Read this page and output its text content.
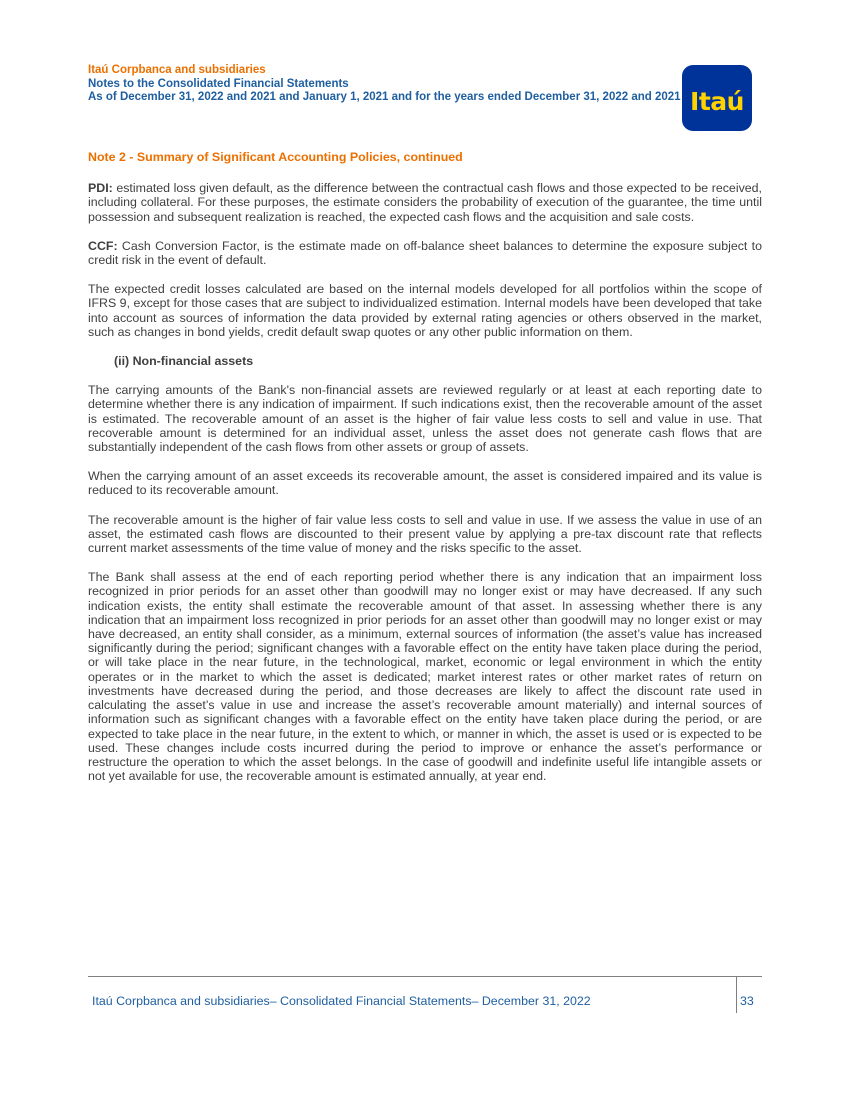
Itaú Corpbanca and subsidiaries
Notes to the Consolidated Financial Statements
As of December 31, 2022 and 2021 and January 1, 2021 and for the years ended December 31, 2022 and 2021 Itaú
Note 2 - Summary of Significant Accounting Policies, continued

PDI: estimated loss given default, as the difference between the contractual cash flows and those expected to be received, including collateral. For these purposes, the estimate considers the probability of execution of the guarantee, the time until possession and subsequent realization is reached, the expected cash flows and the acquisition and sale costs.

CCF: Cash Conversion Factor, is the estimate made on off-balance sheet balances to determine the exposure subject to credit risk in the event of default.

The expected credit losses calculated are based on the internal models developed for all portfolios within the scope of IFRS 9, except for those cases that are subject to individualized estimation. Internal models have been developed that take into account as sources of information the data provided by external rating agencies or others observed in the market, such as changes in bond yields, credit default swap quotes or any other public information on them.

(ii) Non-financial assets

The carrying amounts of the Bank's non-financial assets are reviewed regularly or at least at each reporting date to determine whether there is any indication of impairment. If such indications exist, then the recoverable amount of the asset is estimated. The recoverable amount of an asset is the higher of fair value less costs to sell and value in use. That recoverable amount is determined for an individual asset, unless the asset does not generate cash flows that are substantially independent of the cash flows from other assets or group of assets.

When the carrying amount of an asset exceeds its recoverable amount, the asset is considered impaired and its value is reduced to its recoverable amount.

The recoverable amount is the higher of fair value less costs to sell and value in use. If we assess the value in use of an asset, the estimated cash flows are discounted to their present value by applying a pre-tax discount rate that reflects current market assessments of the time value of money and the risks specific to the asset.

The Bank shall assess at the end of each reporting period whether there is any indication that an impairment loss recognized in prior periods for an asset other than goodwill may no longer exist or may have decreased. If any such indication exists, the entity shall estimate the recoverable amount of that asset. In assessing whether there is any indication that an impairment loss recognized in prior periods for an asset other than goodwill may no longer exist or may have decreased, an entity shall consider, as a minimum, external sources of information (the asset’s value has increased significantly during the period; significant changes with a favorable effect on the entity have taken place during the period, or will take place in the near future, in the technological, market, economic or legal environment in which the entity operates or in the market to which the asset is dedicated; market interest rates or other market rates of return on investments have decreased during the period, and those decreases are likely to affect the discount rate used in calculating the asset’s value in use and increase the asset’s recoverable amount materially) and internal sources of information such as significant changes with a favorable effect on the entity have taken place during the period, or are expected to take place in the near future, in the extent to which, or manner in which, the asset is used or is expected to be used. These changes include costs incurred during the period to improve or enhance the asset’s performance or restructure the operation to which the asset belongs. In the case of goodwill and indefinite useful life intangible assets or not yet available for use, the recoverable amount is estimated annually, at year end.

Itaú Corpbanca and subsidiaries– Consolidated Financial Statements– December 31, 2022	33
